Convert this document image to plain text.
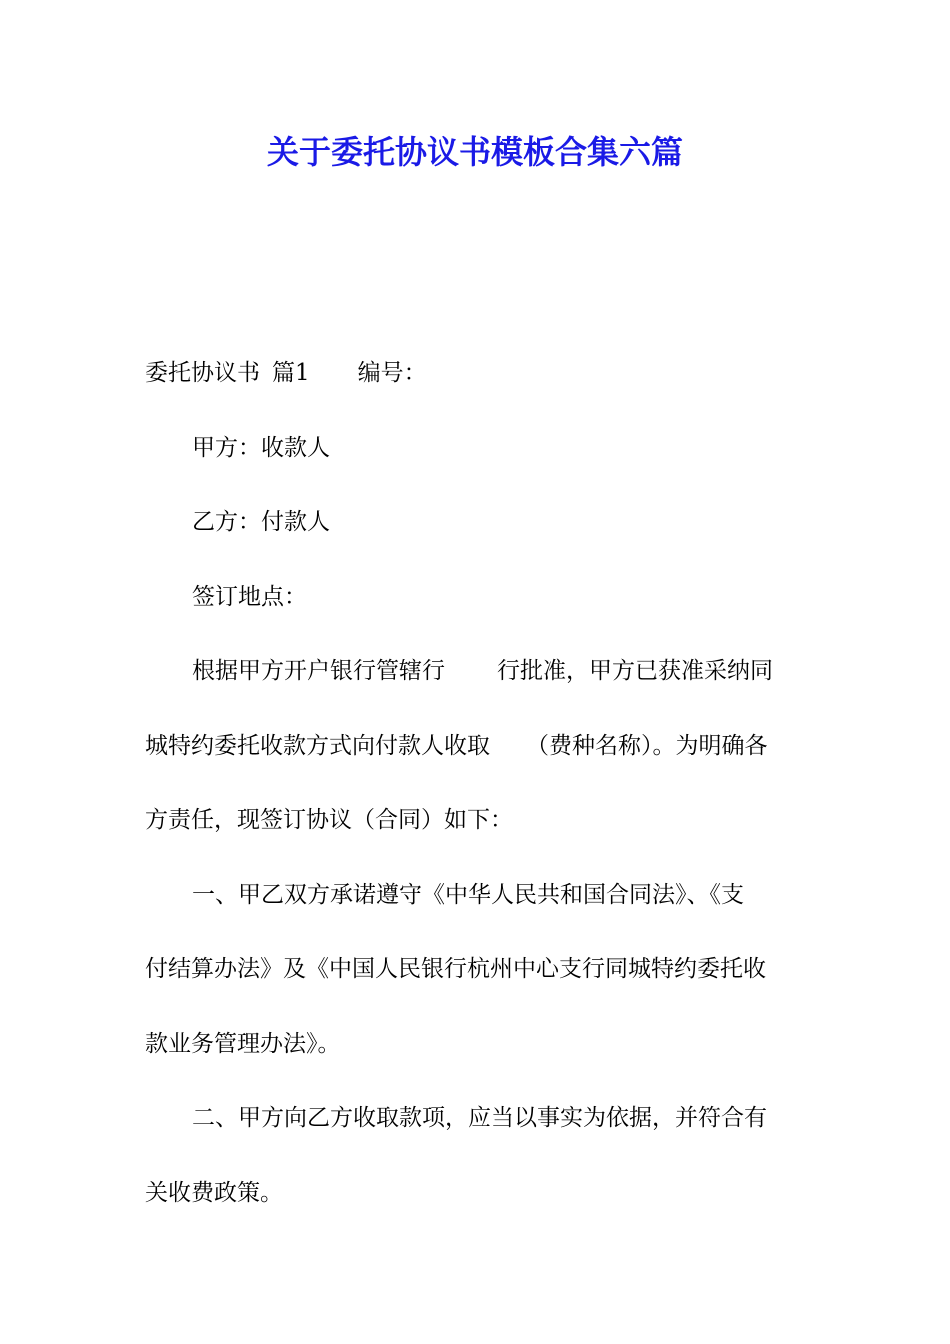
关于委托协议书模板合集六篇
委托协议书 篇1 编号：
甲方：收款人
乙方：付款人
签订地点：
根据甲方开户银行管辖行 行批准，甲方已获准采纳同
城特约委托收款方式向付款人收取 （费种名称）。为明确各
方责任，现签订协议（合同）如下：
一、甲乙双方承诺遵守《中华人民共和国合同法》、《支
付结算办法》及《中国人民银行杭州中心支行同城特约委托收
款业务管理办法》。
二、甲方向乙方收取款项，应当以事实为依据，并符合有
关收费政策。
